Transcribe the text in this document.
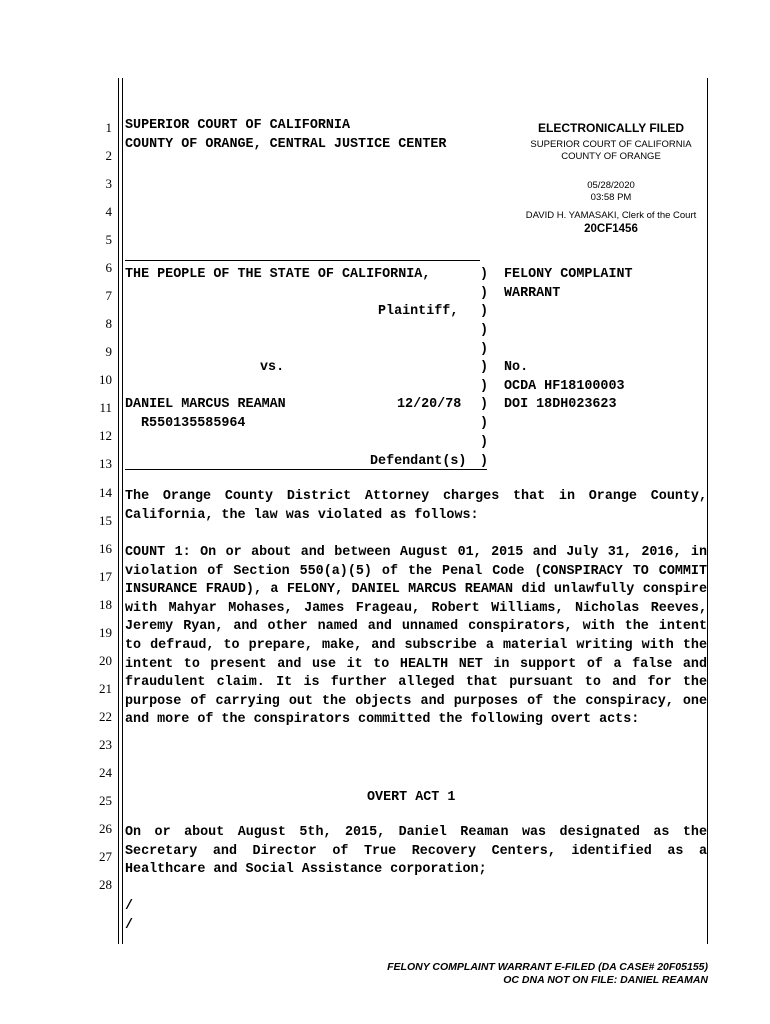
1
2
3
4
5
6
7
8
9
10
11
12
13
14
15
16
17
18
19
20
21
22
23
24
25
26
27
28
SUPERIOR COURT OF CALIFORNIA
COUNTY OF ORANGE, CENTRAL JUSTICE CENTER
ELECTRONICALLY FILED
SUPERIOR COURT OF CALIFORNIA
COUNTY OF ORANGE
05/28/2020
03:58 PM
DAVID H. YAMASAKI, Clerk of the Court
20CF1456
THE PEOPLE OF THE STATE OF CALIFORNIA,
Plaintiff,
vs.
DANIEL MARCUS REAMAN	12/20/78
R550135585964
Defendant(s)
)
)
)
)
)
)
)
)
)
)
)
FELONY COMPLAINT
WARRANT
No.
OCDA HF18100003
DOI 18DH023623

The Orange County District Attorney charges that in Orange County, California, the law was violated as follows:

COUNT 1: On or about and between August 01, 2015 and July 31, 2016, in violation of Section 550(a)(5) of the Penal Code (CONSPIRACY TO COMMIT INSURANCE FRAUD), a FELONY, DANIEL MARCUS REAMAN did unlawfully conspire with Mahyar Mohases, James Frageau, Robert Williams, Nicholas Reeves, Jeremy Ryan, and other named and unnamed conspirators, with the intent to defraud, to prepare, make, and subscribe a material writing with the intent to present and use it to HEALTH NET in support of a false and fraudulent claim. It is further alleged that pursuant to and for the purpose of carrying out the objects and purposes of the conspiracy, one and more of the conspirators committed the following overt acts:

OVERT ACT 1

On or about August 5th, 2015, Daniel Reaman was designated as the Secretary and Director of True Recovery Centers, identified as a Healthcare and Social Assistance corporation;

/
/
FELONY COMPLAINT WARRANT E-FILED (DA CASE# 20F05155)
OC DNA NOT ON FILE: DANIEL REAMAN
